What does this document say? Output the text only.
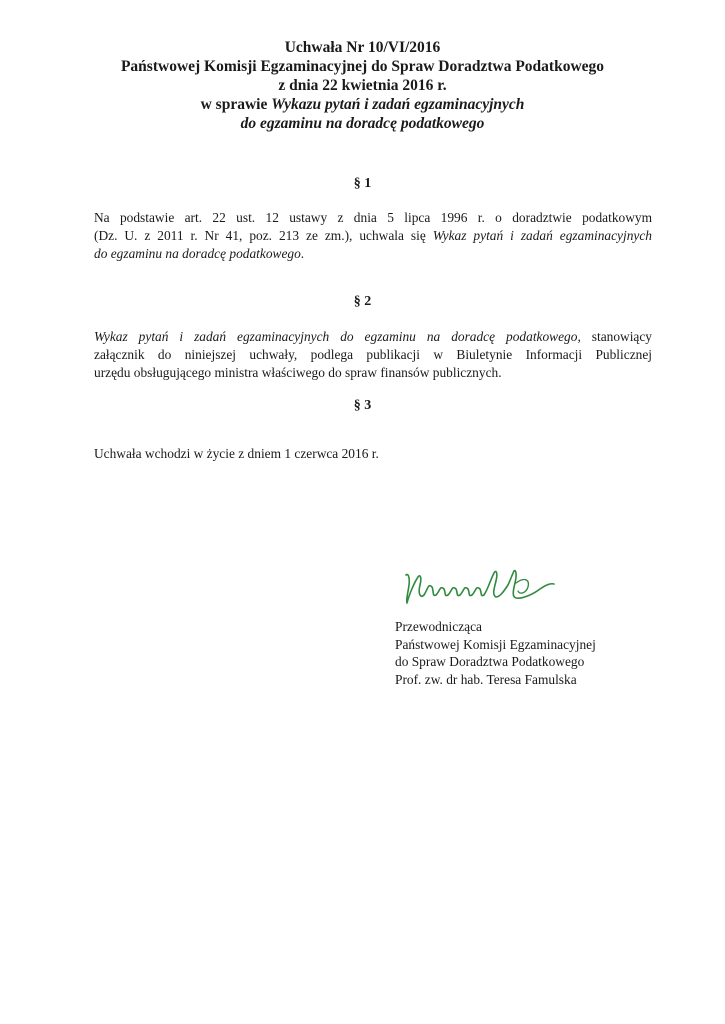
Uchwała Nr 10/VI/2016
Państwowej Komisji Egzaminacyjnej do Spraw Doradztwa Podatkowego
z dnia 22 kwietnia 2016 r.
w sprawie Wykazu pytań i zadań egzaminacyjnych
do egzaminu na doradcę podatkowego
§ 1
Na podstawie art. 22 ust. 12 ustawy z dnia 5 lipca 1996 r. o doradztwie podatkowym
(Dz. U. z 2011 r. Nr 41, poz. 213 ze zm.), uchwala się Wykaz pytań i zadań egzaminacyjnych
do egzaminu na doradcę podatkowego.
§ 2
Wykaz pytań i zadań egzaminacyjnych do egzaminu na doradcę podatkowego, stanowiący
załącznik do niniejszej uchwały, podlega publikacji w Biuletynie Informacji Publicznej
urzędu obsługującego ministra właściwego do spraw finansów publicznych.
§ 3
Uchwała wchodzi w życie z dniem 1 czerwca 2016 r.
Przewodnicząca
Państwowej Komisji Egzaminacyjnej
do Spraw Doradztwa Podatkowego
Prof. zw. dr hab. Teresa Famulska
